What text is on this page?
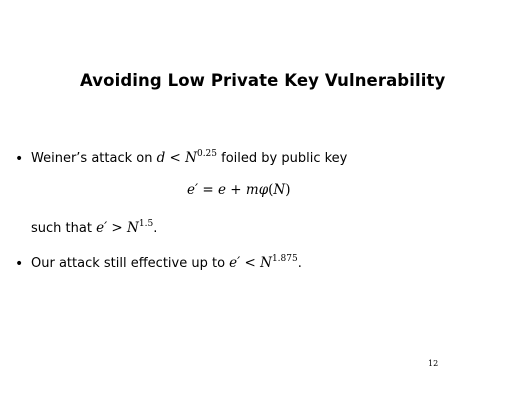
Avoiding Low Private Key Vulnerability
• Weiner’s attack on $d < N^{0.25}$ foiled by public key
e′ = e + mφ(N)
such that $e' > N^{1.5}$.
• Our attack still effective up to $e' < N^{1.875}$.
12
